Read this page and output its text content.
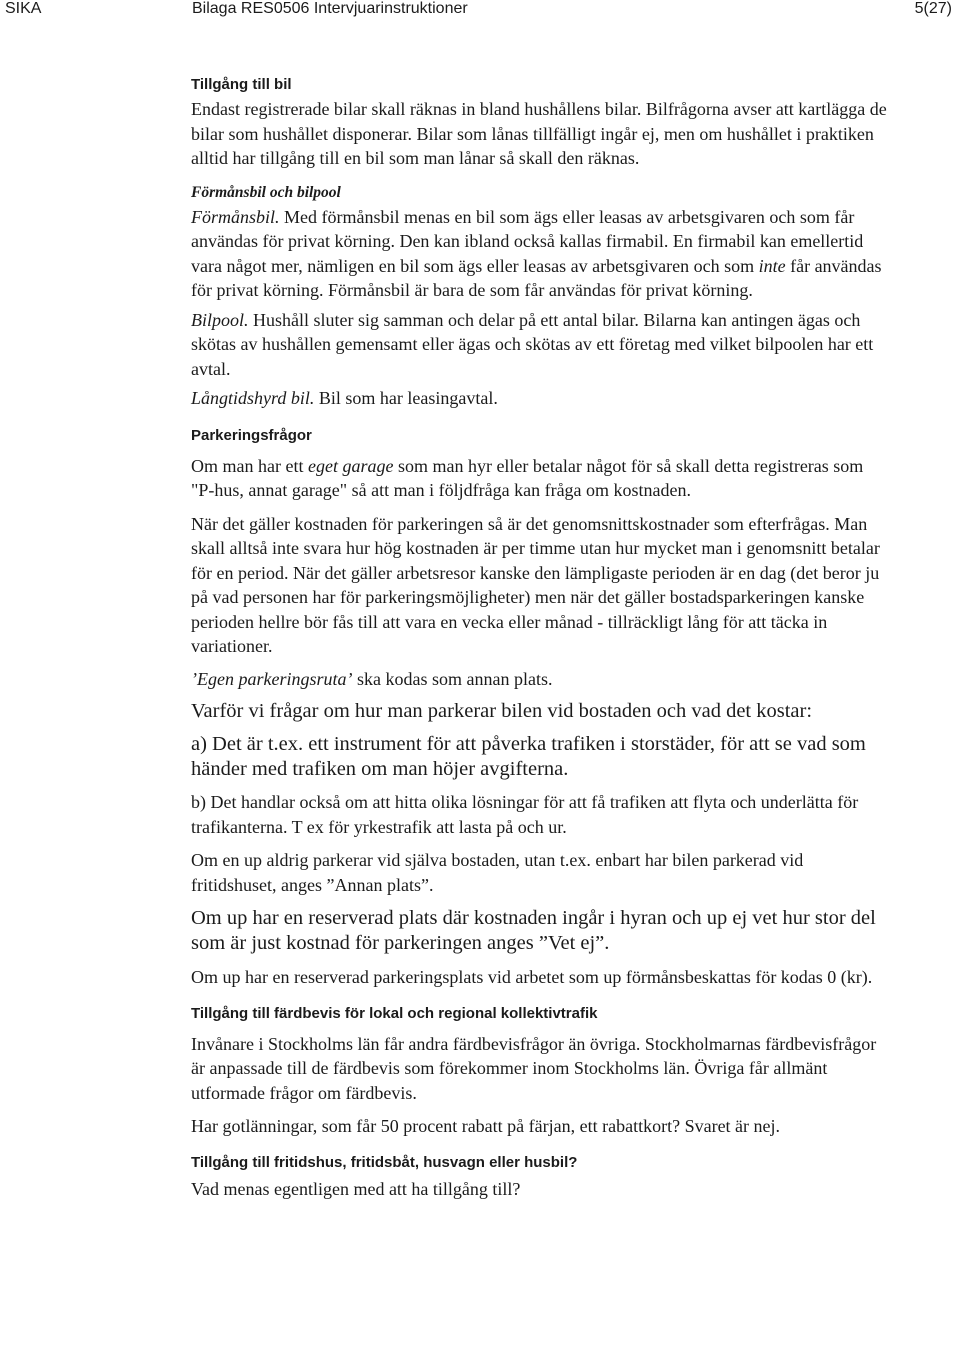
SIKA	Bilaga RES0506 Intervjuarinstruktioner	5(27)
Tillgång till bil

Endast registrerade bilar skall räknas in bland hushållens bilar. Bilfrågorna avser att kartlägga de bilar som hushållet disponerar. Bilar som lånas tillfälligt ingår ej, men om hushållet i praktiken alltid har tillgång till en bil som man lånar så skall den räknas.

Förmånsbil och bilpool

Förmånsbil. Med förmånsbil menas en bil som ägs eller leasas av arbetsgivaren och som får användas för privat körning. Den kan ibland också kallas firmabil. En firmabil kan emellertid vara något mer, nämligen en bil som ägs eller leasas av arbetsgivaren och som inte får användas för privat körning. Förmånsbil är bara de som får användas för privat körning.

Bilpool. Hushåll sluter sig samman och delar på ett antal bilar. Bilarna kan antingen ägas och skötas av hushållen gemensamt eller ägas och skötas av ett företag med vilket bilpoolen har ett avtal.

Långtidshyrd bil. Bil som har leasingavtal.

Parkeringsfrågor

Om man har ett eget garage som man hyr eller betalar något för så skall detta registreras som "P-hus, annat garage" så att man i följdfråga kan fråga om kostnaden.

När det gäller kostnaden för parkeringen så är det genomsnittskostnader som efterfrågas. Man skall alltså inte svara hur hög kostnaden är per timme utan hur mycket man i genomsnitt betalar för en period. När det gäller arbetsresor kanske den lämpligaste perioden är en dag (det beror ju på vad personen har för parkeringsmöjligheter) men när det gäller bostadsparkeringen kanske perioden hellre bör fås till att vara en vecka eller månad - tillräckligt lång för att täcka in variationer.

’Egen parkeringsruta’ ska kodas som annan plats.

Varför vi frågar om hur man parkerar bilen vid bostaden och vad det kostar:

a) Det är t.ex. ett instrument för att påverka trafiken i storstäder, för att se vad som händer med trafiken om man höjer avgifterna.

b) Det handlar också om att hitta olika lösningar för att få trafiken att flyta och underlätta för trafikanterna. T ex för yrkestrafik att lasta på och ur.

Om en up aldrig parkerar vid själva bostaden, utan t.ex. enbart har bilen parkerad vid fritidshuset, anges ”Annan plats”.

Om up har en reserverad plats där kostnaden ingår i hyran och up ej vet hur stor del som är just kostnad för parkeringen anges ”Vet ej”.

Om up har en reserverad parkeringsplats vid arbetet som up förmånsbeskattas för kodas 0 (kr).

Tillgång till färdbevis för lokal och regional kollektivtrafik

Invånare i Stockholms län får andra färdbevisfrågor än övriga. Stockholmarnas färdbevisfrågor är anpassade till de färdbevis som förekommer inom Stockholms län. Övriga får allmänt utformade frågor om färdbevis.

Har gotlänningar, som får 50 procent rabatt på färjan, ett rabattkort? Svaret är nej.

Tillgång till fritidshus, fritidsbåt, husvagn eller husbil?

Vad menas egentligen med att ha tillgång till?
